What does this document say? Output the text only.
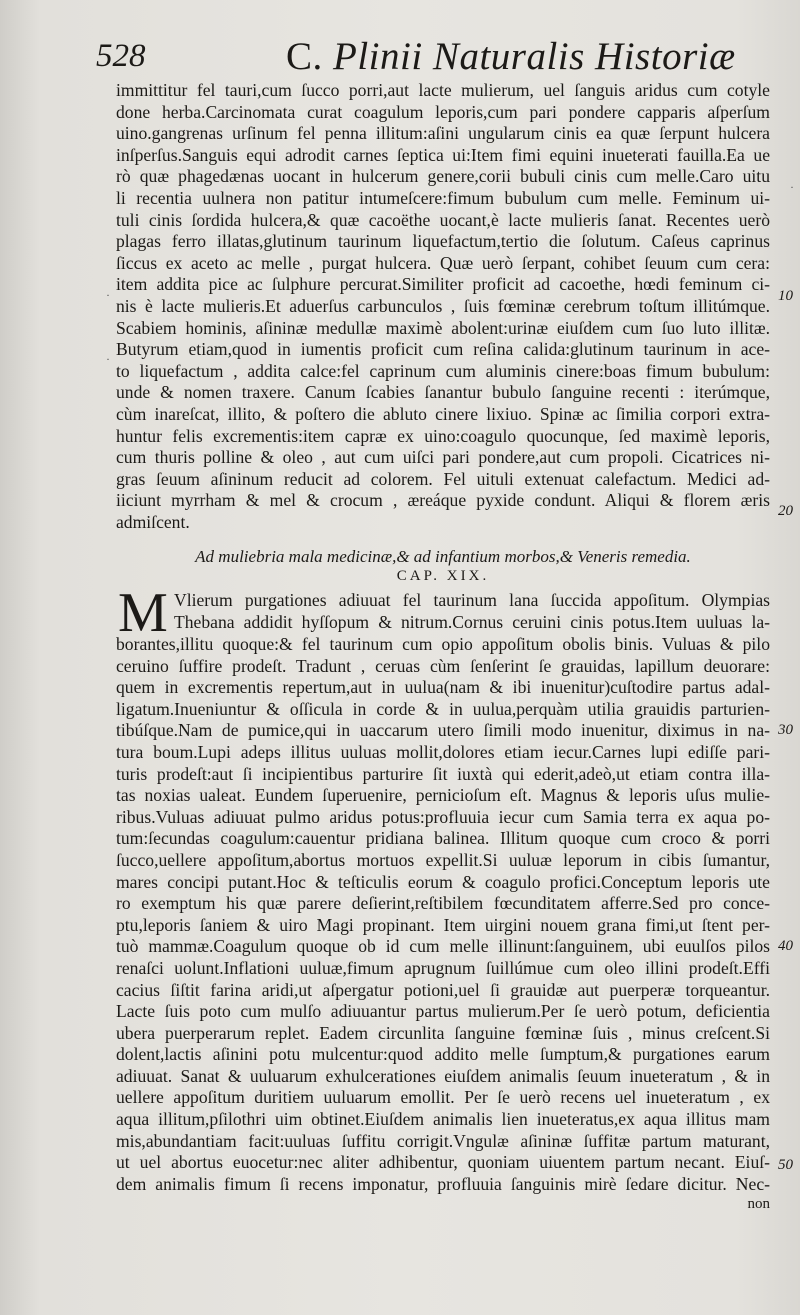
528	C. Plinii Naturalis Historiæ
immittitur fel tauri,cum ſucco porri,aut lacte mulierum, uel ſanguis aridus cum cotyle
done herba.Carcinomata curat coagulum leporis,cum pari pondere capparis aſperſum
uino.gangrenas urſinum fel penna illitum:aſini ungularum cinis ea quæ ſerpunt hulcera
inſperſus.Sanguis equi adrodit carnes ſeptica ui:Item fimi equini inueterati fauilla.Ea ue
rò quæ phagedænas uocant in hulcerum genere,corii bubuli cinis cum melle.Caro uitu
li recentia uulnera non patitur intumeſcere:fimum bubulum cum melle. Feminum ui-
tuli cinis ſordida hulcera,& quæ cacoëthe uocant,è lacte mulieris ſanat. Recentes uerò
plagas ferro illatas,glutinum taurinum liquefactum,tertio die ſolutum. Caſeus caprinus
ſiccus ex aceto ac melle , purgat hulcera. Quæ uerò ſerpant, cohibet ſeuum cum cera:
item addita pice ac ſulphure percurat.Similiter proficit ad cacoethe, hœdi feminum ci-
nis è lacte mulieris.Et aduerſus carbunculos , ſuis fœminæ cerebrum toſtum illitúmque.
Scabiem hominis, aſininæ medullæ maximè abolent:urinæ eiuſdem cum ſuo luto illitæ.
Butyrum etiam,quod in iumentis proficit cum reſina calida:glutinum taurinum in ace-
to liquefactum , addita calce:fel caprinum cum aluminis cinere:boas fimum bubulum:
unde & nomen traxere. Canum ſcabies ſanantur bubulo ſanguine recenti : iterúmque,
cùm inareſcat, illito, & poſtero die abluto cinere lixiuo. Spinæ ac ſimilia corpori extra-
huntur felis excrementis:item capræ ex uino:coagulo quocunque, ſed maximè leporis,
cum thuris polline & oleo , aut cum uiſci pari pondere,aut cum propoli. Cicatrices ni-
gras ſeuum aſininum reducit ad colorem. Fel uituli extenuat calefactum. Medici ad-
iiciunt myrrham & mel & crocum , æreáque pyxide condunt. Aliqui & florem æris
admiſcent.
Ad muliebria mala medicinæ,& ad infantium morbos,& Veneris remedia.
CAP. XIX.
M Vlierum purgationes adiuuat fel taurinum lana ſuccida appoſitum. Olympias
Thebana addidit hyſſopum & nitrum.Cornus ceruini cinis potus.Item uuluas la-
borantes,illitu quoque:& fel taurinum cum opio appoſitum obolis binis. Vuluas & pilo
ceruino ſuffire prodeſt. Tradunt , ceruas cùm ſenſerint ſe grauidas, lapillum deuorare:
quem in excrementis repertum,aut in uulua(nam & ibi inuenitur)cuſtodire partus adal-
ligatum.Inueniuntur & oſſicula in corde & in uulua,perquàm utilia grauidis parturien-
tibúſque.Nam de pumice,qui in uaccarum utero ſimili modo inuenitur, diximus in na-
tura boum.Lupi adeps illitus uuluas mollit,dolores etiam iecur.Carnes lupi ediſſe pari-
turis prodeſt:aut ſi incipientibus parturire ſit iuxtà qui ederit,adeò,ut etiam contra illa-
tas noxias ualeat. Eundem ſuperuenire, pernicioſum eſt. Magnus & leporis uſus mulie-
ribus.Vuluas adiuuat pulmo aridus potus:profluuia iecur cum Samia terra ex aqua po-
tum:ſecundas coagulum:cauentur pridiana balinea. Illitum quoque cum croco & porri
ſucco,uellere appoſitum,abortus mortuos expellit.Si uuluæ leporum in cibis ſumantur,
mares concipi putant.Hoc & teſticulis eorum & coagulo profici.Conceptum leporis ute
ro exemptum his quæ parere deſierint,reſtibilem fœcunditatem afferre.Sed pro conce-
ptu,leporis ſaniem & uiro Magi propinant. Item uirgini nouem grana fimi,ut ſtent per-
tuò mammæ.Coagulum quoque ob id cum melle illinunt:ſanguinem, ubi euulſos pilos
renaſci uolunt.Inflationi uuluæ,fimum aprugnum ſuillúmue cum oleo illini prodeſt.Effi
cacius ſiſtit farina aridi,ut aſpergatur potioni,uel ſi grauidæ aut puerperæ torqueantur.
Lacte ſuis poto cum mulſo adiuuantur partus mulierum.Per ſe uerò potum, deficientia
ubera puerperarum replet. Eadem circunlita ſanguine fœminæ ſuis , minus creſcent.Si
dolent,lactis aſinini potu mulcentur:quod addito melle ſumptum,& purgationes earum
adiuuat. Sanat & uuluarum exhulcerationes eiuſdem animalis ſeuum inueteratum , & in
uellere appoſitum duritiem uuluarum emollit. Per ſe uerò recens uel inueteratum , ex
aqua illitum,pſilothri uim obtinet.Eiuſdem animalis lien inueteratus,ex aqua illitus mam
mis,abundantiam facit:uuluas ſuffitu corrigit.Vngulæ aſininæ ſuffitæ partum maturant,
ut uel abortus euocetur:nec aliter adhibentur, quoniam uiuentem partum necant. Eiuſ-
dem animalis fimum ſi recens imponatur, profluuia ſanguinis mirè ſedare dicitur. Nec-
non
10
20
30
40
50
·
·
·
